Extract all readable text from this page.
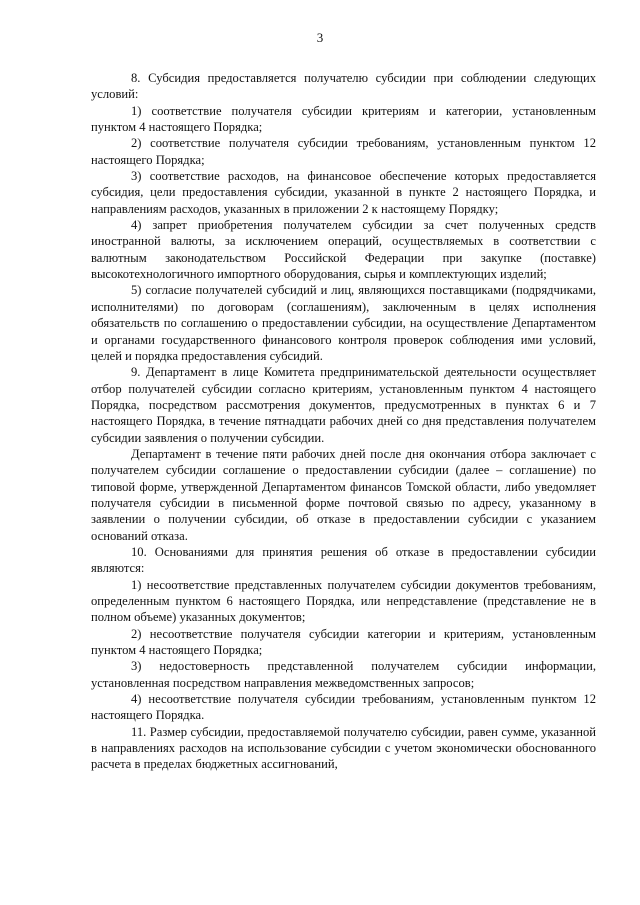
3

8. Субсидия предоставляется получателю субсидии при соблюдении следующих условий:

1) соответствие получателя субсидии критериям и категории, установленным пунктом 4 настоящего Порядка;

2) соответствие получателя субсидии требованиям, установленным пунктом 12 настоящего Порядка;

3) соответствие расходов, на финансовое обеспечение которых предоставляется субсидия, цели предоставления субсидии, указанной в пункте 2 настоящего Порядка, и направлениям расходов, указанных в приложении 2 к настоящему Порядку;

4) запрет приобретения получателем субсидии за счет полученных средств иностранной валюты, за исключением операций, осуществляемых в соответствии с валютным законодательством Российской Федерации при закупке (поставке) высокотехнологичного импортного оборудования, сырья и комплектующих изделий;

5) согласие получателей субсидий и лиц, являющихся поставщиками (подрядчиками, исполнителями) по договорам (соглашениям), заключенным в целях исполнения обязательств по соглашению о предоставлении субсидии, на осуществление Департаментом и органами государственного финансового контроля проверок соблюдения ими условий, целей и порядка предоставления субсидий.

9. Департамент в лице Комитета предпринимательской деятельности осуществляет отбор получателей субсидии согласно критериям, установленным пунктом 4 настоящего Порядка, посредством рассмотрения документов, предусмотренных в пунктах 6 и 7 настоящего Порядка, в течение пятнадцати рабочих дней со дня представления получателем субсидии заявления о получении субсидии.

Департамент в течение пяти рабочих дней после дня окончания отбора заключает с получателем субсидии соглашение о предоставлении субсидии (далее – соглашение) по типовой форме, утвержденной Департаментом финансов Томской области, либо уведомляет получателя субсидии в письменной форме почтовой связью по адресу, указанному в заявлении о получении субсидии, об отказе в предоставлении субсидии с указанием оснований отказа.

10. Основаниями для принятия решения об отказе в предоставлении субсидии являются:

1) несоответствие представленных получателем субсидии документов требованиям, определенным пунктом 6 настоящего Порядка, или непредставление (представление не в полном объеме) указанных документов;

2) несоответствие получателя субсидии категории и критериям, установленным пунктом 4 настоящего Порядка;

3) недостоверность представленной получателем субсидии информации, установленная посредством направления межведомственных запросов;

4) несоответствие получателя субсидии требованиям, установленным пунктом 12 настоящего Порядка.

11. Размер субсидии, предоставляемой получателю субсидии, равен сумме, указанной в направлениях расходов на использование субсидии с учетом экономически обоснованного расчета в пределах бюджетных ассигнований,
